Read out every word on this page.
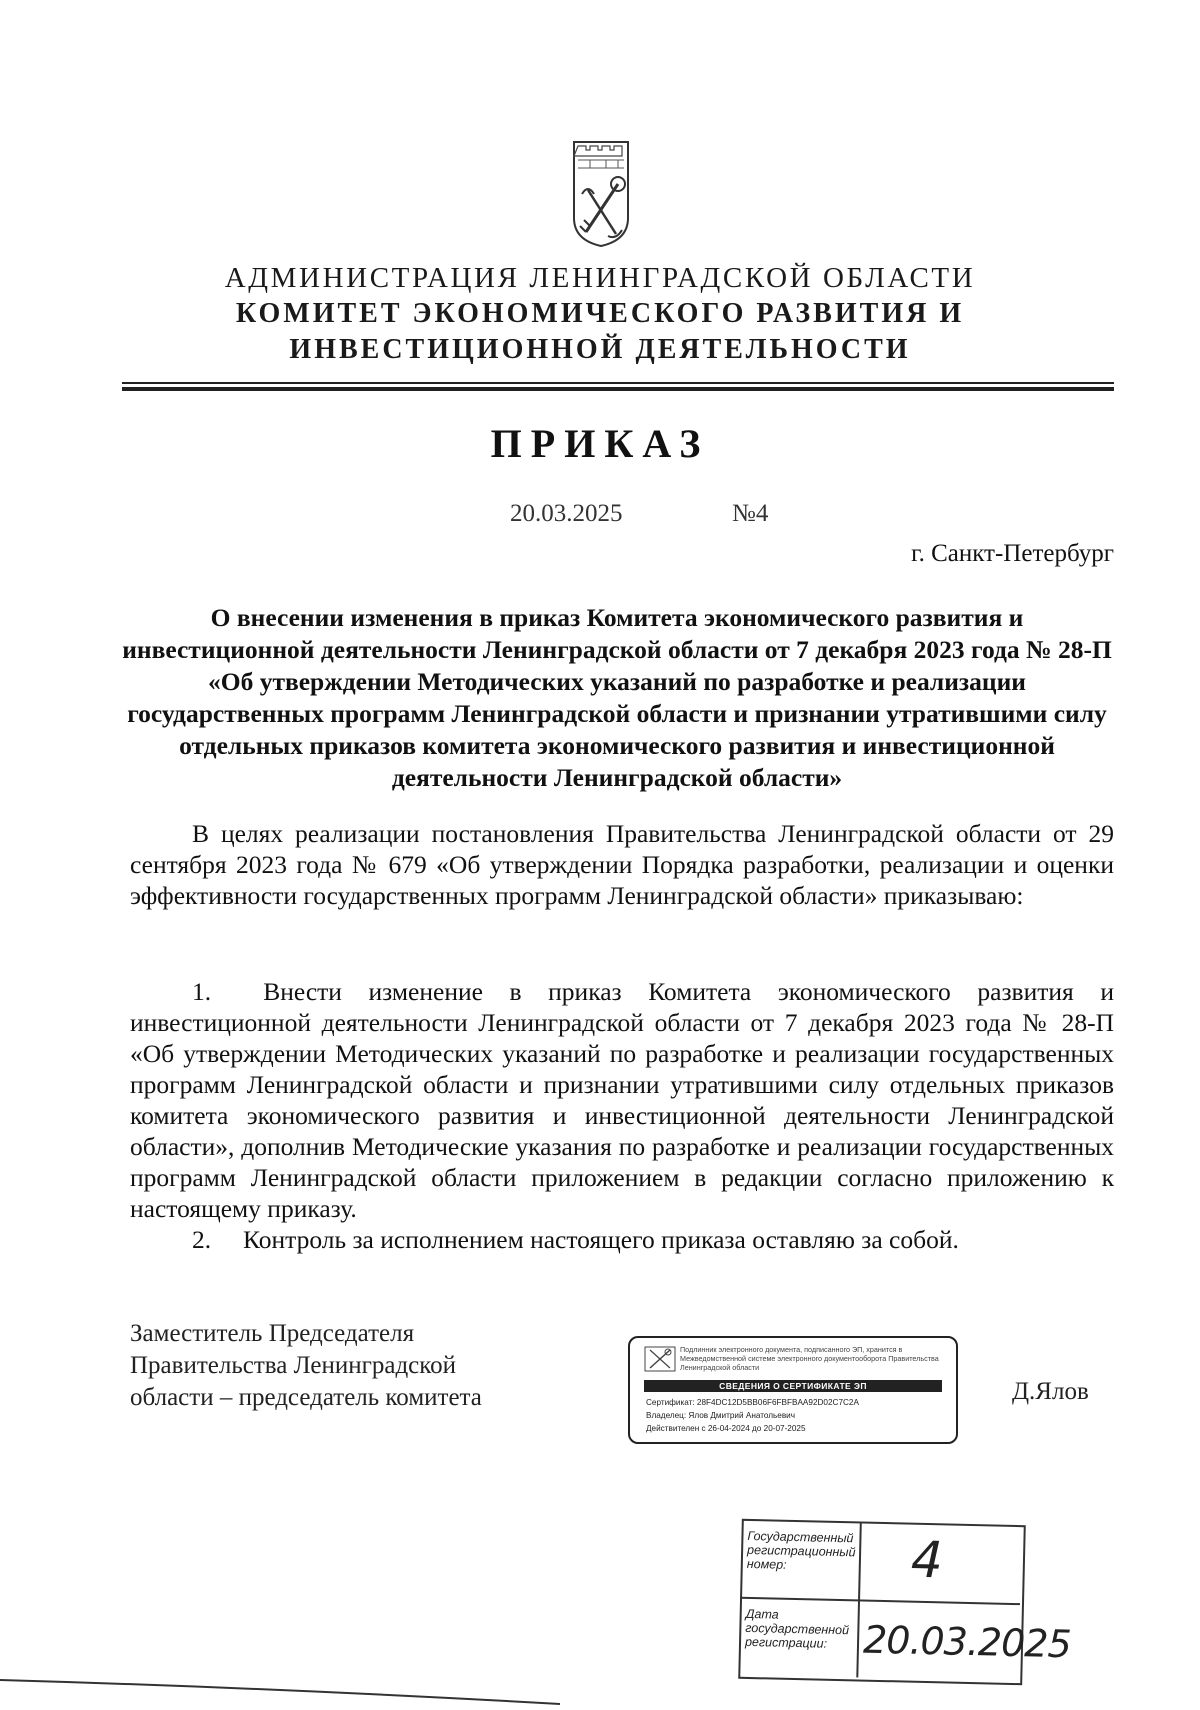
АДМИНИСТРАЦИЯ ЛЕНИНГРАДСКОЙ ОБЛАСТИ
КОМИТЕТ ЭКОНОМИЧЕСКОГО РАЗВИТИЯ И
ИНВЕСТИЦИОННОЙ ДЕЯТЕЛЬНОСТИ
ПРИКАЗ
20.03.2025	№4
г. Санкт-Петербург
О внесении изменения в приказ Комитета экономического развития и инвестиционной деятельности Ленинградской области от 7 декабря 2023 года № 28-П «Об утверждении Методических указаний по разработке и реализации государственных программ Ленинградской области и признании утратившими силу отдельных приказов комитета экономического развития и инвестиционной деятельности Ленинградской области»
В целях реализации постановления Правительства Ленинградской области от 29 сентября 2023 года № 679 «Об утверждении Порядка разработки, реализации и оценки эффективности государственных программ Ленинградской области» приказываю:
1.  Внести изменение в приказ Комитета экономического развития и инвестиционной деятельности Ленинградской области от 7 декабря 2023 года № 28-П «Об утверждении Методических указаний по разработке и реализации государственных программ Ленинградской области и признании утратившими силу отдельных приказов комитета экономического развития и инвестиционной деятельности Ленинградской области», дополнив Методические указания по разработке и реализации государственных программ Ленинградской области приложением в редакции согласно приложению к настоящему приказу.
2.  Контроль за исполнением настоящего приказа оставляю за собой.
Заместитель Председателя
Правительства Ленинградской
области – председатель комитета	Д.Ялов
Подлинник электронного документа, подписанного ЭП, хранится в Межведомственной системе электронного документооборота Правительства Ленинградской области
СВЕДЕНИЯ О СЕРТИФИКАТЕ ЭП
Сертификат: 28F4DC12D5BB06F6FBFBAA92D02C7C2A
Владелец: Ялов Дмитрий Анатольевич
Действителен с 26-04-2024 до 20-07-2025
Государственный регистрационный номер:
Дата государственной регистрации:
4
20.03.2025
